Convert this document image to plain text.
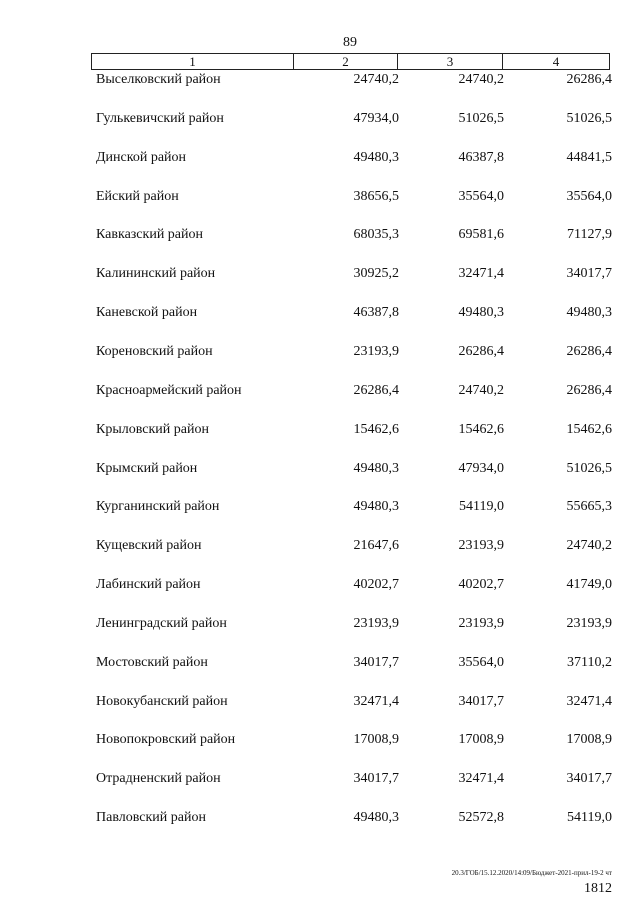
89
1	2	3	4
Выселковский район	24740,2	24740,2	26286,4
Гулькевичский район	47934,0	51026,5	51026,5
Динской район	49480,3	46387,8	44841,5
Ейский район	38656,5	35564,0	35564,0
Кавказский район	68035,3	69581,6	71127,9
Калининский район	30925,2	32471,4	34017,7
Каневской район	46387,8	49480,3	49480,3
Кореновский район	23193,9	26286,4	26286,4
Красноармейский район	26286,4	24740,2	26286,4
Крыловский район	15462,6	15462,6	15462,6
Крымский район	49480,3	47934,0	51026,5
Курганинский район	49480,3	54119,0	55665,3
Кущевский район	21647,6	23193,9	24740,2
Лабинский район	40202,7	40202,7	41749,0
Ленинградский район	23193,9	23193,9	23193,9
Мостовский район	34017,7	35564,0	37110,2
Новокубанский район	32471,4	34017,7	32471,4
Новопокровский район	17008,9	17008,9	17008,9
Отрадненский район	34017,7	32471,4	34017,7
Павловский район	49480,3	52572,8	54119,0
20.3/ГОБ/15.12.2020/14:09/Бюджет-2021-прил-19-2 чт
1812
